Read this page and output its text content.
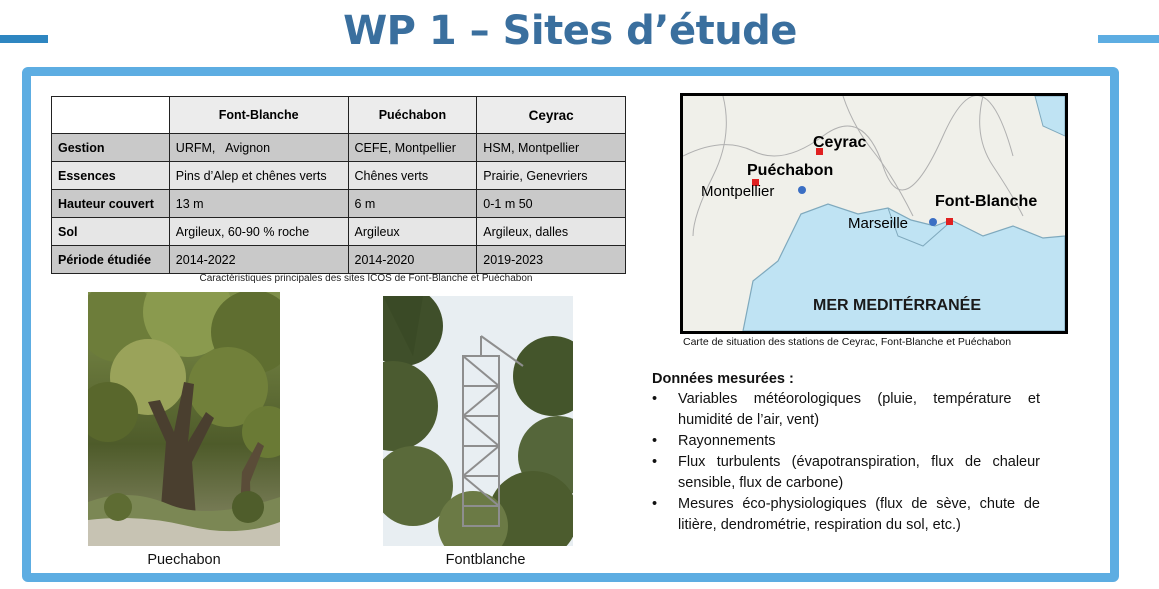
WP 1 – Sites d’étude
	Font-Blanche	Puéchabon	Ceyrac
Gestion	URFM,   Avignon	CEFE, Montpellier	HSM, Montpellier
Essences	Pins d’Alep et chênes verts	Chênes verts	Prairie, Genevriers
Hauteur couvert	13 m	6 m	0-1 m 50
Sol	Argileux, 60-90 % roche	Argileux	Argileux, dalles
Période étudiée	2014-2022	2014-2020	2019-2023
Caractéristiques principales des sites ICOS de Font-Blanche et Puéchabon
Puechabon	Fontblanche
Ceyrac
Puéchabon
Montpellier
Font-Blanche
Marseille
MER MEDITÉRRANÉE
Carte de situation des stations de Ceyrac, Font-Blanche et Puéchabon
Données mesurées :
• Variables météorologiques (pluie, température et humidité de l’air, vent)
• Rayonnements
• Flux turbulents (évapotranspiration, flux de chaleur sensible, flux de carbone)
• Mesures éco-physiologiques (flux de sève, chute de litière, dendrométrie, respiration du sol, etc.)
